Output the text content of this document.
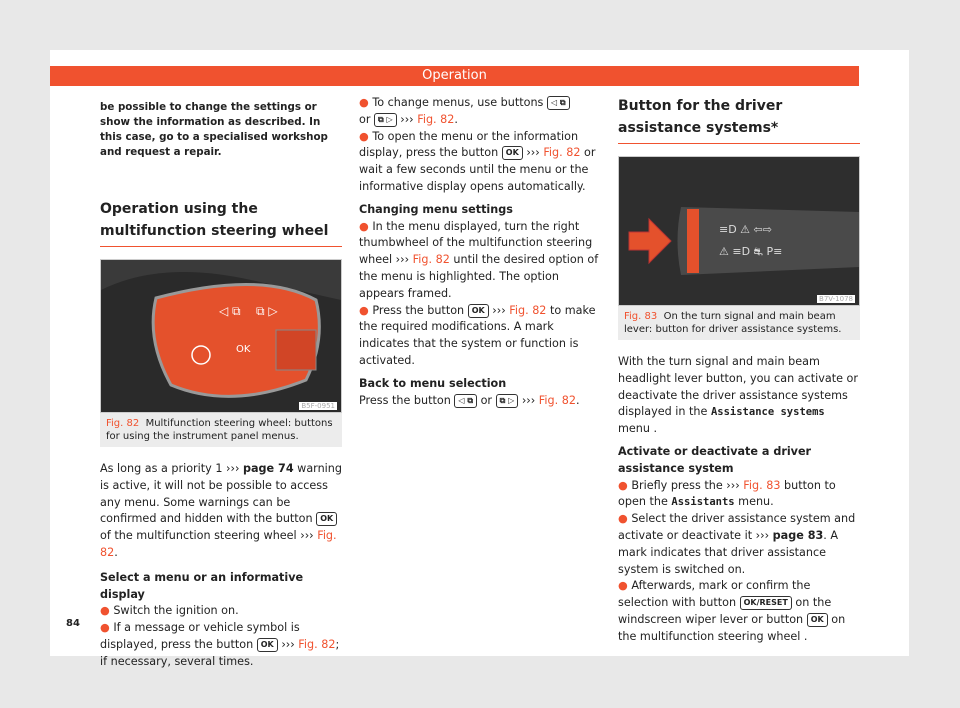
Operation

be possible to change the settings or show the information as described. In this case, go to a specialised workshop and request a repair.

Operation using the multifunction steering wheel
◁ ⧉ ⧉ ▷
OK
B5F-0951
Fig. 82 Multifunction steering wheel: buttons for using the instrument panel menus.

As long as a priority 1 ››› page 74 warning is active, it will not be possible to access any menu. Some warnings can be confirmed and hidden with the button OK of the multifunction steering wheel ››› Fig. 82.

Select a menu or an informative display

● Switch the ignition on.

● If a message or vehicle symbol is displayed, press the button OK ››› Fig. 82; if necessary, several times.

84

● To change menus, use buttons ◁ ⧉
or ⧉ ▷ ››› Fig. 82.

● To open the menu or the information display, press the button OK ››› Fig. 82 or wait a few seconds until the menu or the informative display opens automatically.

Changing menu settings

● In the menu displayed, turn the right thumbwheel of the multifunction steering wheel ››› Fig. 82 until the desired option of the menu is highlighted. The option appears framed.

● Press the button OK ››› Fig. 82 to make the required modifications. A mark indicates that the system or function is activated.

Back to menu selection

Press the button ◁ ⧉ or ⧉ ▷ ››› Fig. 82.

Button for the driver assistance systems*
≡D ⚠ ⇦⇨
⚠ ≡D ⛐ P≡
B7V-1078
Fig. 83 On the turn signal and main beam lever: button for driver assistance systems.

With the turn signal and main beam headlight lever button, you can activate or deactivate the driver assistance systems displayed in the Assistance systems menu .

Activate or deactivate a driver assistance system

● Briefly press the ››› Fig. 83 button to open the Assistants menu.

● Select the driver assistance system and activate or deactivate it ››› page 83. A mark indicates that driver assistance system is switched on.

● Afterwards, mark or confirm the selection with button OK/RESET on the windscreen wiper lever or button OK on the multifunction steering wheel .
